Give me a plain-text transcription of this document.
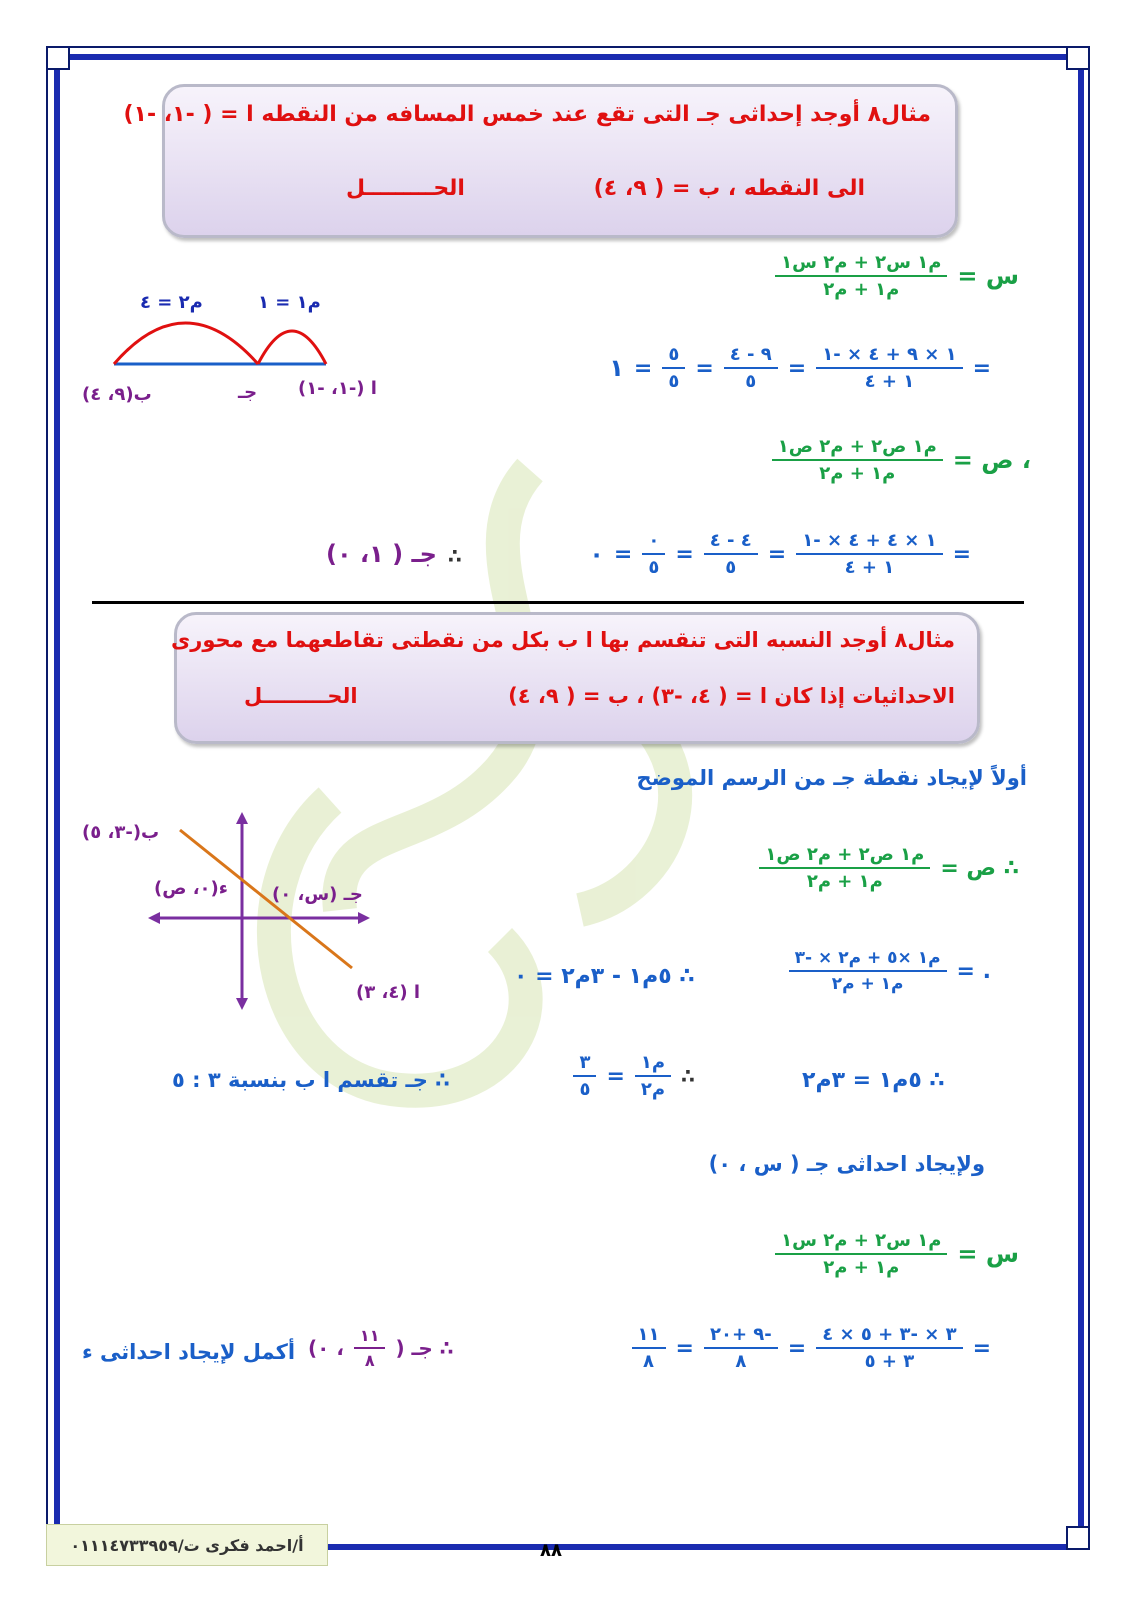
مثال٨ أوجد إحداثى جـ التى تقع عند خمس المسافه من النقطه ا = ( -١، -١)
الى النقطه ، ب = ( ٩، ٤)
الحـــــــــل
م٢ = ٤	م١ = ١
ا (-١، -١)
جـ
ب(٩، ٤)
س =
$\frac{\text{م١ س٢ + م٢ س١}}{\text{م١ + م٢}}$
=
$\frac{١ \times ٩ + ٤ \times -١}{١ + ٤}$
=
$\frac{٩ - ٤}{٥}$
=
$\frac{٥}{٥}$
=
١
، ص =
$\frac{\text{م١ ص٢ + م٢ ص١}}{\text{م١ + م٢}}$
=
$\frac{١ \times ٤ + ٤ \times -١}{١ + ٤}$
=
$\frac{٤ - ٤}{٥}$
=
$\frac{٠}{٥}$
=
٠
∴
جـ ( ١، ٠)
مثال٨ أوجد النسبه التى تنقسم بها ا ب بكل من نقطتى تقاطعهما مع محورى
الاحداثيات إذا كان ا = ( ٤، -٣) ، ب = ( ٩، ٤)
الحـــــــــل
أولاً لإيجاد نقطة جـ من الرسم الموضح
ب(-٣، ٥)
ء(٠، ص) جـ (س، ٠)
ا (٤، ٣)
∴ ص =
$\frac{\text{م١ ص٢ + م٢ ص١}}{\text{م١ + م٢}}$
. =
$\frac{\text{م١ ×٥ + م٢ × -٣}}{\text{م١ + م٢}}$
∴ ٥م١ - ٣م٢ = ٠
∴ ٥م١ = ٣م٢
∴
$\frac{\text{م١}}{\text{م٢}}$
=
$\frac{٣}{٥}$
∴ جـ تقسم ا ب بنسبة ٣ : ٥
ولإيجاد احداثى جـ ( س ، ٠)
س =
$\frac{\text{م١ س٢ + م٢ س١}}{\text{م١ + م٢}}$
=
$\frac{٣ \times -٣ + ٥ \times ٤}{٣ + ٥}$
=
$\frac{-٩ +٢٠}{٨}$
=
$\frac{١١}{٨}$
∴ جـ (
$\frac{١١}{٨}$
، ٠)
أكمل لإيجاد احداثى ء
أ/احمد فكرى ت/٠١١١٤٧٣٣٩٥٩	٨٨
